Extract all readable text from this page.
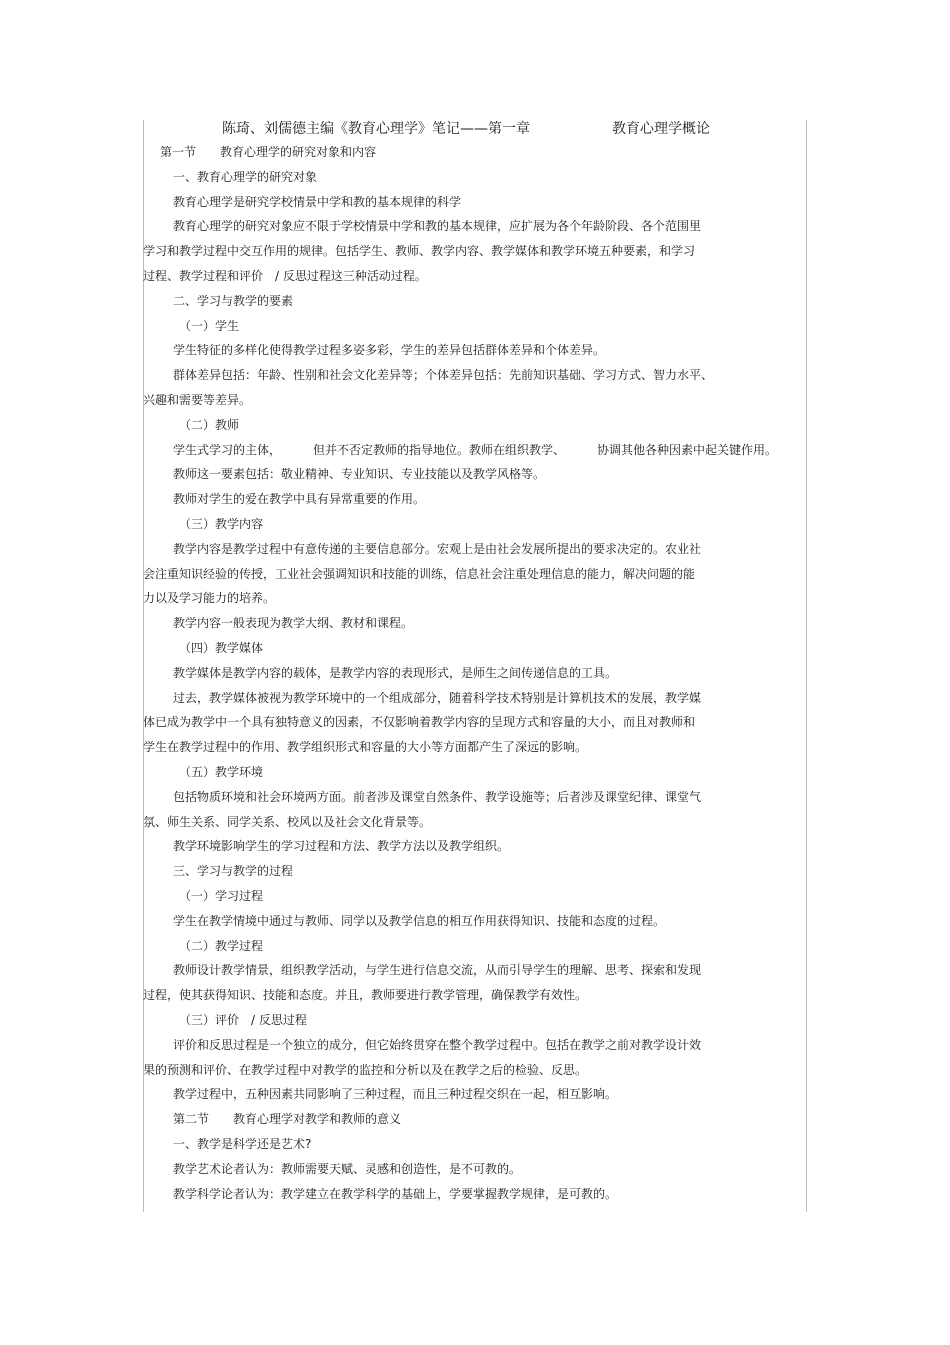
陈琦、刘儒德主编《教育心理学》笔记——第一章	教育心理学概论
第一节 教育心理学的研究对象和内容
一、教育心理学的研究对象
教育心理学是研究学校情景中学和教的基本规律的科学
教育心理学的研究对象应不限于学校情景中学和教的基本规律，应扩展为各个年龄阶段、各个范围里
学习和教学过程中交互作用的规律。包括学生、教师、教学内容、教学媒体和教学环境五种要素，和学习
过程、教学过程和评价 / 反思过程这三种活动过程。
二、学习与教学的要素
（一）学生
学生特征的多样化使得教学过程多姿多彩，学生的差异包括群体差异和个体差异。
群体差异包括：年龄、性别和社会文化差异等；个体差异包括：先前知识基础、学习方式、智力水平、
兴趣和需要等差异。
（二）教师
学生式学习的主体，	但并不否定教师的指导地位。教师在组织教学、	协调其他各种因素中起关键作用。
教师这一要素包括：敬业精神、专业知识、专业技能以及教学风格等。
教师对学生的爱在教学中具有异常重要的作用。
（三）教学内容
教学内容是教学过程中有意传递的主要信息部分。宏观上是由社会发展所提出的要求决定的。农业社
会注重知识经验的传授，工业社会强调知识和技能的训练，信息社会注重处理信息的能力，解决问题的能
力以及学习能力的培养。
教学内容一般表现为教学大纲、教材和课程。
（四）教学媒体
教学媒体是教学内容的载体，是教学内容的表现形式，是师生之间传递信息的工具。
过去，教学媒体被视为教学环境中的一个组成部分，随着科学技术特别是计算机技术的发展，教学媒
体已成为教学中一个具有独特意义的因素，不仅影响着教学内容的呈现方式和容量的大小，而且对教师和
学生在教学过程中的作用、教学组织形式和容量的大小等方面都产生了深远的影响。
（五）教学环境
包括物质环境和社会环境两方面。前者涉及课堂自然条件、教学设施等；后者涉及课堂纪律、课堂气
氛、师生关系、同学关系、校风以及社会文化背景等。
教学环境影响学生的学习过程和方法、教学方法以及教学组织。
三、学习与教学的过程
（一）学习过程
学生在教学情境中通过与教师、同学以及教学信息的相互作用获得知识、技能和态度的过程。
（二）教学过程
教师设计教学情景，组织教学活动，与学生进行信息交流，从而引导学生的理解、思考、探索和发现
过程，使其获得知识、技能和态度。并且，教师要进行教学管理，确保教学有效性。
（三）评价 / 反思过程
评价和反思过程是一个独立的成分，但它始终贯穿在整个教学过程中。包括在教学之前对教学设计效
果的预测和评价、在教学过程中对教学的监控和分析以及在教学之后的检验、反思。
教学过程中，五种因素共同影响了三种过程，而且三种过程交织在一起，相互影响。
第二节 教育心理学对教学和教师的意义
一、教学是科学还是艺术?
教学艺术论者认为：教师需要天赋、灵感和创造性，是不可教的。
教学科学论者认为：教学建立在教学科学的基础上，学要掌握教学规律，是可教的。
